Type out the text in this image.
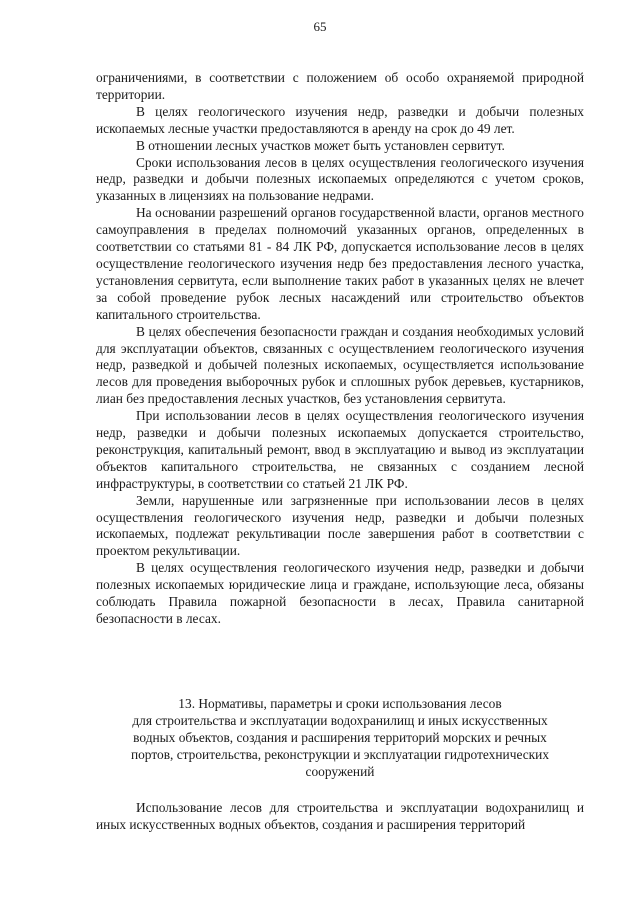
65

ограничениями, в соответствии с положением об особо охраняемой природной территории.

В целях геологического изучения недр, разведки и добычи полезных ископаемых лесные участки предоставляются в аренду на срок до 49 лет.

В отношении лесных участков может быть установлен сервитут.

Сроки использования лесов в целях осуществления геологического изучения недр, разведки и добычи полезных ископаемых определяются с учетом сроков, указанных в лицензиях на пользование недрами.

На основании разрешений органов государственной власти, органов местного самоуправления в пределах полномочий указанных органов, определенных в соответствии со статьями 81 - 84 ЛК РФ, допускается использование лесов в целях осуществление геологического изучения недр без предоставления лесного участка, установления сервитута, если выполнение таких работ в указанных целях не влечет за собой проведение рубок лесных насаждений или строительство объектов капитального строительства.

В целях обеспечения безопасности граждан и создания необходимых условий для эксплуатации объектов, связанных с осуществлением геологического изучения недр, разведкой и добычей полезных ископаемых, осуществляется использование лесов для проведения выборочных рубок и сплошных рубок деревьев, кустарников, лиан без предоставления лесных участков, без установления сервитута.

При использовании лесов в целях осуществления геологического изучения недр, разведки и добычи полезных ископаемых допускается строительство, реконструкция, капитальный ремонт, ввод в эксплуатацию и вывод из эксплуатации объектов капитального строительства, не связанных с созданием лесной инфраструктуры, в соответствии со статьей 21 ЛК РФ.

Земли, нарушенные или загрязненные при использовании лесов в целях осуществления геологического изучения недр, разведки и добычи полезных ископаемых, подлежат рекультивации после завершения работ в соответствии с проектом рекультивации.

В целях осуществления геологического изучения недр, разведки и добычи полезных ископаемых юридические лица и граждане, использующие леса, обязаны соблюдать Правила пожарной безопасности в лесах, Правила санитарной безопасности в лесах.

13. Нормативы, параметры и сроки использования лесов
для строительства и эксплуатации водохранилищ и иных искусственных
водных объектов, создания и расширения территорий морских и речных
портов, строительства, реконструкции и эксплуатации гидротехнических
сооружений

Использование лесов для строительства и эксплуатации водохранилищ и иных искусственных водных объектов, создания и расширения территорий
